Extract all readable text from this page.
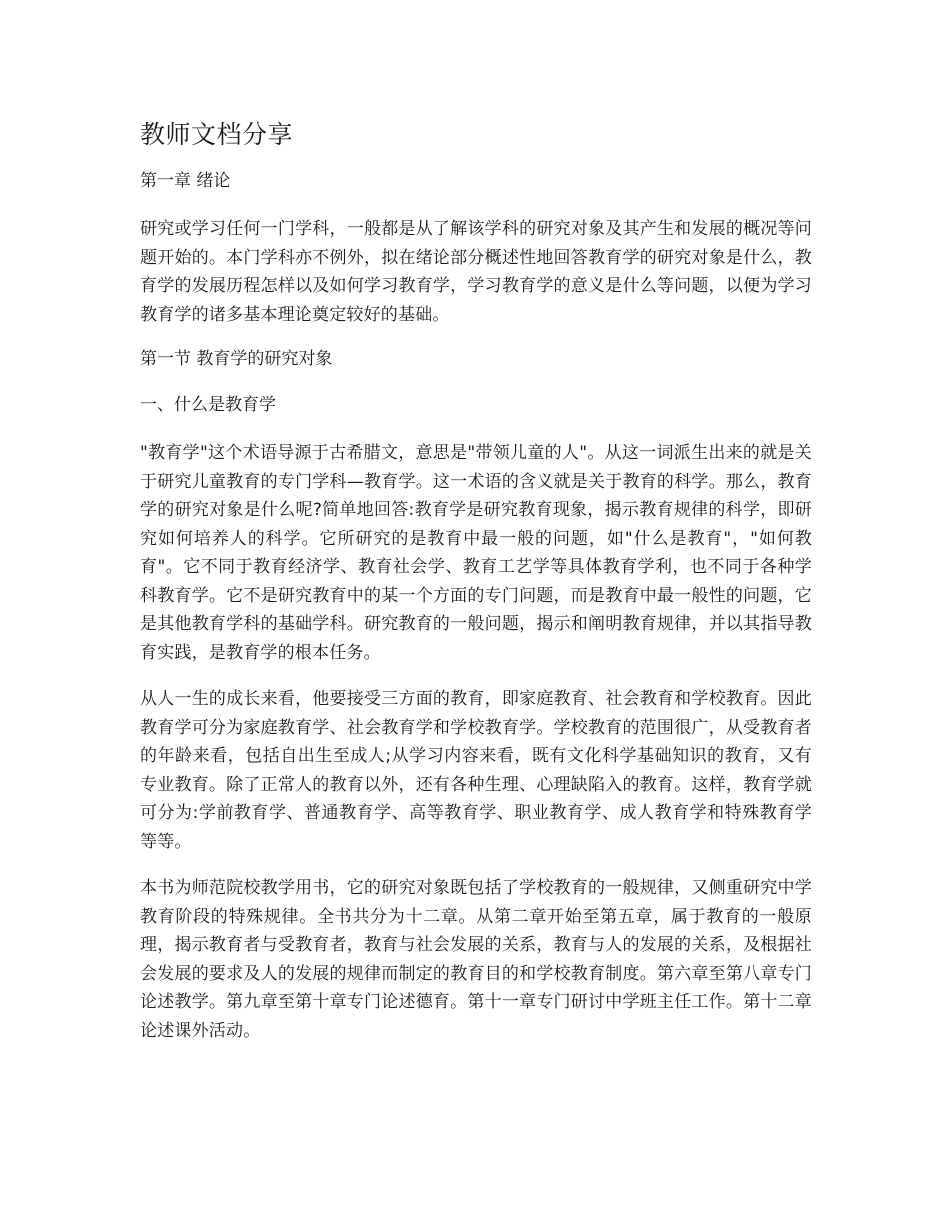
教师文档分享

第一章 绪论

研究或学习任何一门学科，一般都是从了解该学科的研究对象及其产生和发展的概况等问题开始的。本门学科亦不例外，拟在绪论部分概述性地回答教育学的研究对象是什么，教育学的发展历程怎样以及如何学习教育学，学习教育学的意义是什么等问题，以便为学习教育学的诸多基本理论奠定较好的基础。

第一节 教育学的研究对象

一、什么是教育学

"教育学"这个术语导源于古希腊文，意思是"带领儿童的人"。从这一词派生出来的就是关于研究儿童教育的专门学科—教育学。这一术语的含义就是关于教育的科学。那么，教育学的研究对象是什么呢?简单地回答:教育学是研究教育现象，揭示教育规律的科学，即研究如何培养人的科学。它所研究的是教育中最一般的问题，如"什么是教育"，"如何教育"。它不同于教育经济学、教育社会学、教育工艺学等具体教育学利，也不同于各种学科教育学。它不是研究教育中的某一个方面的专门问题，而是教育中最一般性的问题，它是其他教育学科的基础学科。研究教育的一般问题，揭示和阐明教育规律，并以其指导教育实践，是教育学的根本任务。

从人一生的成长来看，他要接受三方面的教育，即家庭教育、社会教育和学校教育。因此教育学可分为家庭教育学、社会教育学和学校教育学。学校教育的范围很广，从受教育者的年龄来看，包括自出生至成人;从学习内容来看，既有文化科学基础知识的教育，又有专业教育。除了正常人的教育以外，还有各种生理、心理缺陷入的教育。这样，教育学就可分为:学前教育学、普通教育学、高等教育学、职业教育学、成人教育学和特殊教育学等等。

本书为师范院校教学用书，它的研究对象既包括了学校教育的一般规律，又侧重研究中学教育阶段的特殊规律。全书共分为十二章。从第二章开始至第五章，属于教育的一般原理，揭示教育者与受教育者，教育与社会发展的关系，教育与人的发展的关系，及根据社会发展的要求及人的发展的规律而制定的教育目的和学校教育制度。第六章至第八章专门论述教学。第九章至第十章专门论述德育。第十一章专门研讨中学班主任工作。第十二章论述课外活动。
